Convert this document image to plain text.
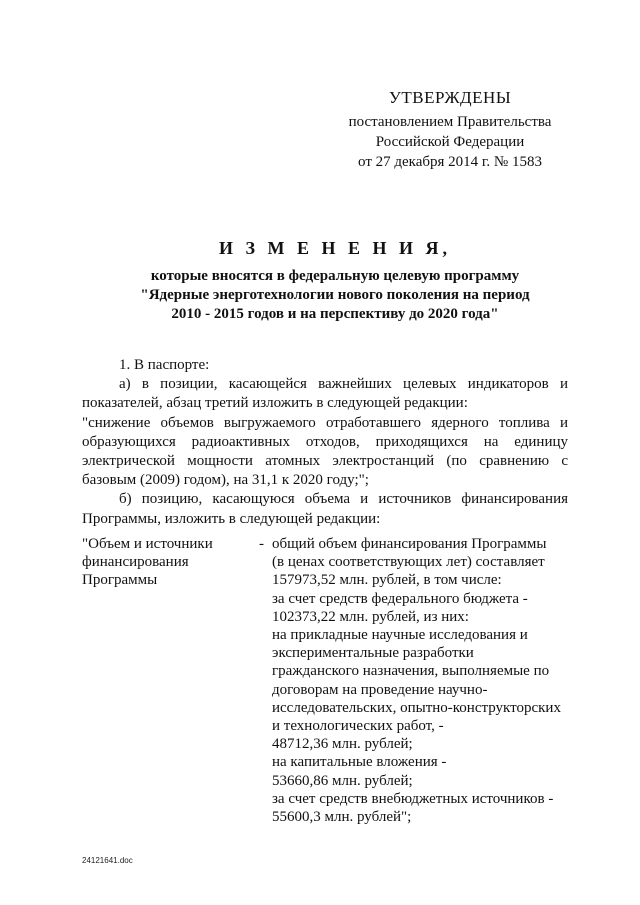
УТВЕРЖДЕНЫ
постановлением Правительства
Российской Федерации
от 27 декабря 2014 г. № 1583
И З М Е Н Е Н И Я,
которые вносятся в федеральную целевую программу
"Ядерные энерготехнологии нового поколения на период
2010 - 2015 годов и на перспективу до 2020 года"
1. В паспорте:
а) в позиции, касающейся важнейших целевых индикаторов и
показателей, абзац третий изложить в следующей редакции:
"снижение объемов выгружаемого отработавшего ядерного топлива и
образующихся радиоактивных отходов, приходящихся на единицу
электрической мощности атомных электростанций (по сравнению с
базовым (2009) годом), на 31,1 к 2020 году;";
б) позицию, касающуюся объема и источников финансирования
Программы, изложить в следующей редакции:
"Объем и источники
финансирования
Программы
- общий объем финансирования Программы
(в ценах соответствующих лет) составляет
157973,52 млн. рублей, в том числе:
за счет средств федерального бюджета -
102373,22 млн. рублей, из них:
на прикладные научные исследования и
экспериментальные разработки
гражданского назначения, выполняемые по
договорам на проведение научно-
исследовательских, опытно-конструкторских
и технологических работ, -
48712,36 млн. рублей;
на капитальные вложения -
53660,86 млн. рублей;
за счет средств внебюджетных источников -
55600,3 млн. рублей";
24121641.doc
